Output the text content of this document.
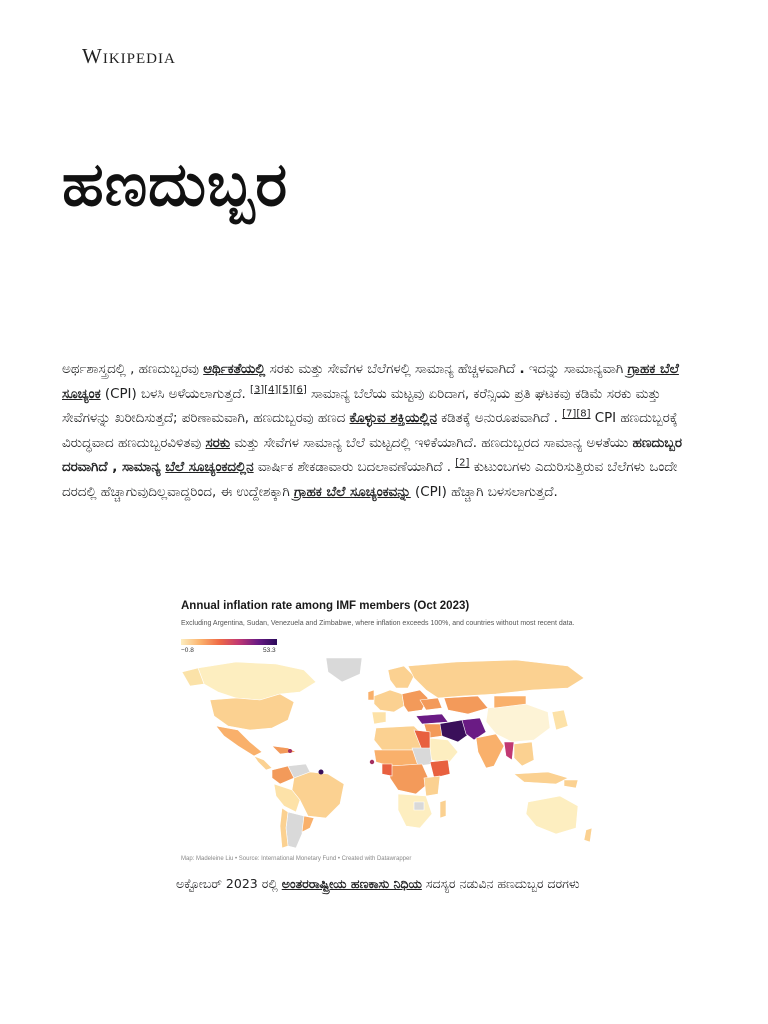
Wikipedia
ಹಣದುಬ್ಬರ

ಅರ್ಥಶಾಸ್ತ್ರದಲ್ಲಿ , ಹಣದುಬ್ಬರವು ಆರ್ಥಿಕತೆಯಲ್ಲಿ ಸರಕು ಮತ್ತು ಸೇವೆಗಳ ಬೆಲೆಗಳಲ್ಲಿ ಸಾಮಾನ್ಯ ಹೆಚ್ಚಳವಾಗಿದೆ . ಇದನ್ನು ಸಾಮಾನ್ಯವಾಗಿ ಗ್ರಾಹಕ ಬೆಲೆ ಸೂಚ್ಯಂಕ (CPI) ಬಳಸಿ ಅಳೆಯಲಾಗುತ್ತದೆ. [3][4][5][6] ಸಾಮಾನ್ಯ ಬೆಲೆಯ ಮಟ್ಟವು ಏರಿದಾಗ, ಕರೆನ್ಸಿಯ ಪ್ರತಿ ಘಟಕವು ಕಡಿಮೆ ಸರಕು ಮತ್ತು ಸೇವೆಗಳನ್ನು ಖರೀದಿಸುತ್ತದೆ; ಪರಿಣಾಮವಾಗಿ, ಹಣದುಬ್ಬರವು ಹಣದ ಕೊಳ್ಳುವ ಶಕ್ತಿಯಲ್ಲಿನ ಕಡಿತಕ್ಕೆ ಅನುರೂಪವಾಗಿದೆ . [7][8] CPI ಹಣದುಬ್ಬರಕ್ಕೆ ವಿರುದ್ಧವಾದ ಹಣದುಬ್ಬರವಿಳಿತವು ಸರಕು ಮತ್ತು ಸೇವೆಗಳ ಸಾಮಾನ್ಯ ಬೆಲೆ ಮಟ್ಟದಲ್ಲಿ ಇಳಿಕೆಯಾಗಿದೆ. ಹಣದುಬ್ಬರದ ಸಾಮಾನ್ಯ ಅಳತೆಯು ಹಣದುಬ್ಬರ ದರವಾಗಿದೆ , ಸಾಮಾನ್ಯ ಬೆಲೆ ಸೂಚ್ಯಂಕದಲ್ಲಿನ ವಾರ್ಷಿಕ ಶೇಕಡಾವಾರು ಬದಲಾವಣೆಯಾಗಿದೆ . [2] ಕುಟುಂಬಗಳು ಎದುರಿಸುತ್ತಿರುವ ಬೆಲೆಗಳು ಒಂದೇ ದರದಲ್ಲಿ ಹೆಚ್ಚಾಗುವುದಿಲ್ಲವಾದ್ದರಿಂದ, ಈ ಉದ್ದೇಶಕ್ಕಾಗಿ ಗ್ರಾಹಕ ಬೆಲೆ ಸೂಚ್ಯಂಕವನ್ನು (CPI) ಹೆಚ್ಚಾಗಿ ಬಳಸಲಾಗುತ್ತದೆ.

Annual inflation rate among IMF members (Oct 2023)
Excluding Argentina, Sudan, Venezuela and Zimbabwe, where inflation exceeds 100%, and countries without most recent data.
−0.8	53.3
Map: Madeleine Liu • Source: International Monetary Fund • Created with Datawrapper
ಅಕ್ಟೋಬರ್ 2023 ರಲ್ಲಿ ಅಂತರರಾಷ್ಟ್ರೀಯ ಹಣಕಾಸು ನಿಧಿಯ ಸದಸ್ಯರ ನಡುವಿನ ಹಣದುಬ್ಬರ ದರಗಳು
